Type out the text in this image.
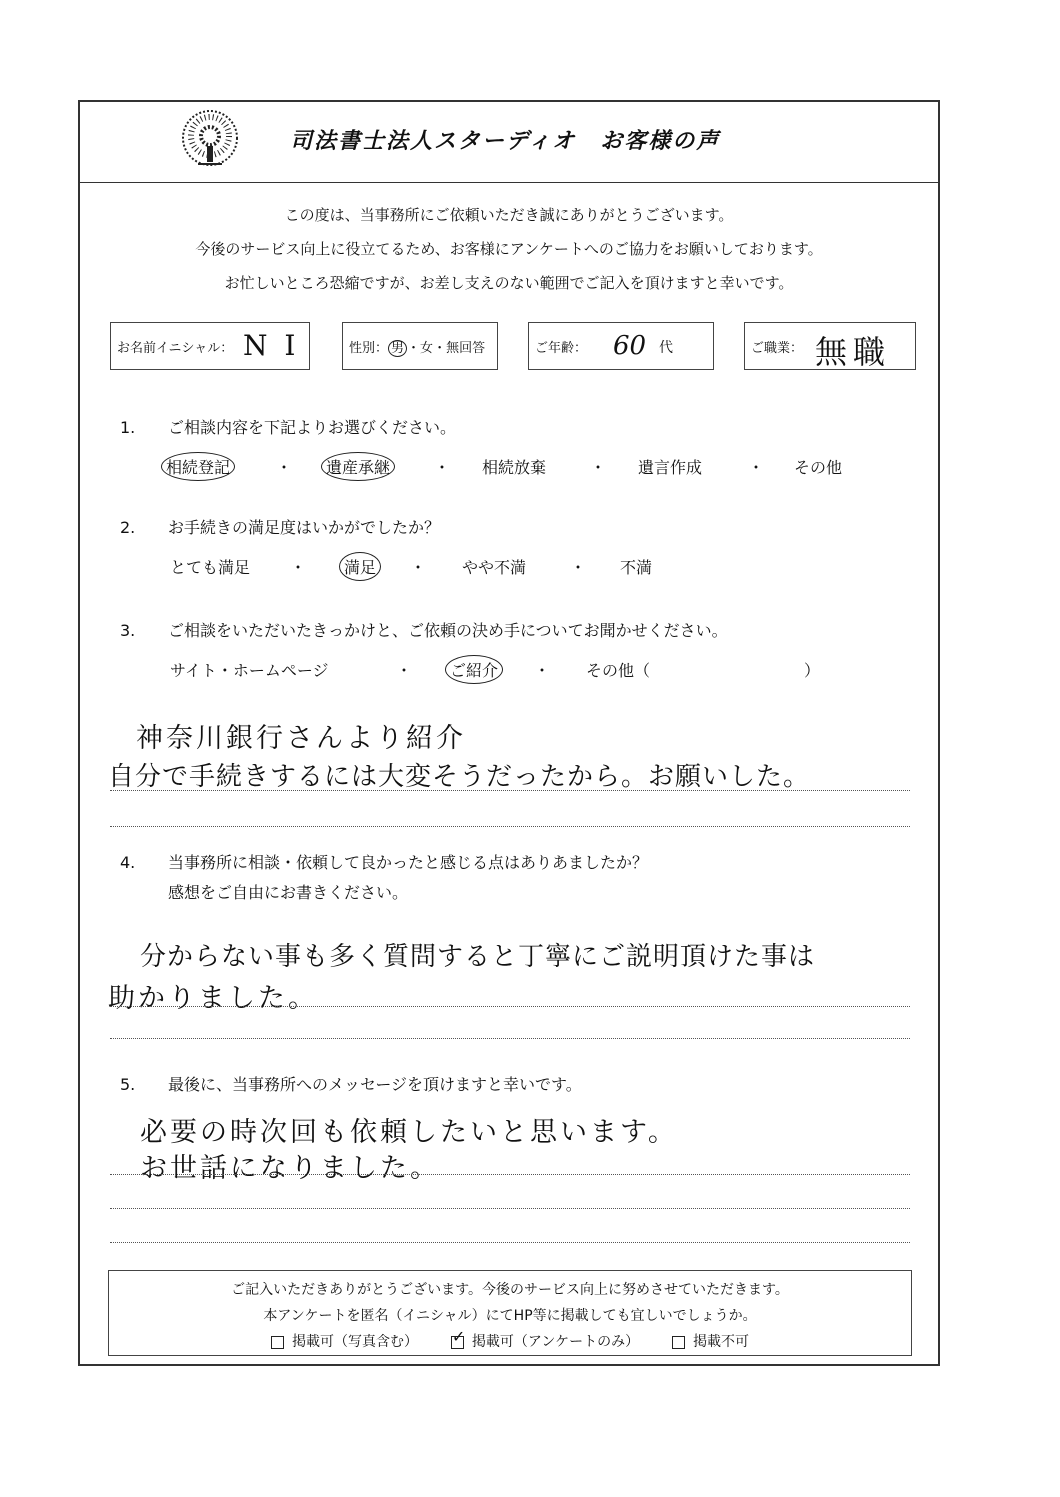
司法書士法人スターディオ　お客様の声
この度は、当事務所にご依頼いただき誠にありがとうございます。
今後のサービス向上に役立てるため、お客様にアンケートへのご協力をお願いしております。
お忙しいところ恐縮ですが、お差し支えのない範囲でご記入を頂けますと幸いです。
お名前イニシャル： N I	性別： 男 ・女・無回答	ご年齢： 60 代	ご職業： 無職
1. ご相談内容を下記よりお選びください。
相続登記	・	遺産承継	・ 相続放棄	・ 遺言作成	・ その他
2. お手続きの満足度はいかがでしたか？
とても満足 ・	満足	・ やや不満	・ 不満
3. ご相談をいただいたきっかけと、ご依頼の決め手についてお聞かせください。
サイト・ホームページ	・	ご紹介	・ その他（	）
神奈川銀行さんより紹介
自分で手続きするには大変そうだったから。お願いした。
4. 当事務所に相談・依頼して良かったと感じる点はありあましたか？
感想をご自由にお書きください。
分からない事も多く質問すると丁寧にご説明頂けた事は
助かりました。
5. 最後に、当事務所へのメッセージを頂けますと幸いです。
必要の時次回も依頼したいと思います。
お世話になりました。
ご記入いただきありがとうございます。今後のサービス向上に努めさせていただきます。
本アンケートを匿名（イニシャル）にてHP等に掲載しても宜しいでしょうか。
掲載可（写真含む）  ✓	掲載可（アンケートのみ）	掲載不可
